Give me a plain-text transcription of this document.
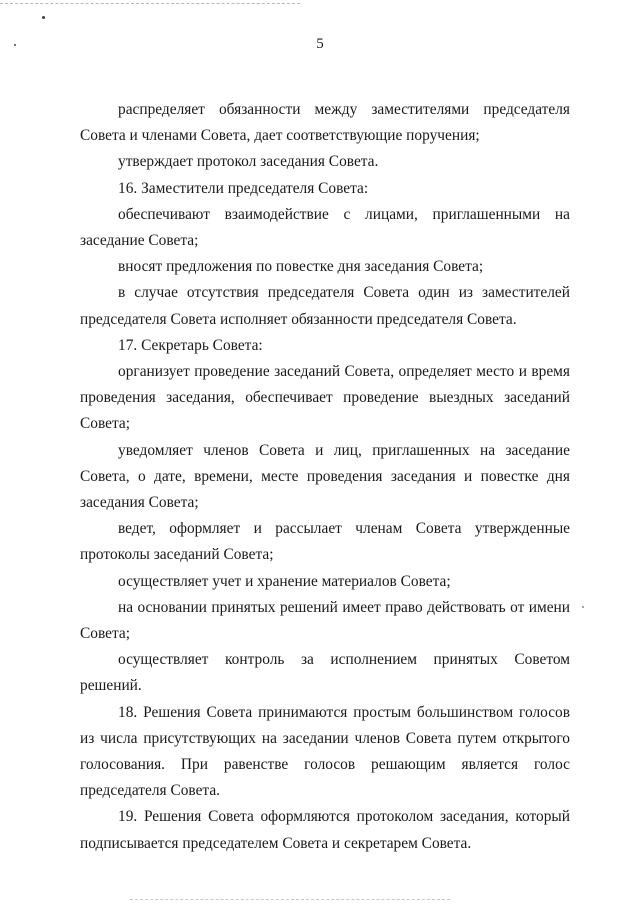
5

распределяет обязанности между заместителями председателя Совета и членами Совета, дает соответствующие поручения;

утверждает протокол заседания Совета.

16. Заместители председателя Совета:

обеспечивают взаимодействие с лицами, приглашенными на заседание Совета;

вносят предложения по повестке дня заседания Совета;

в случае отсутствия председателя Совета один из заместителей председателя Совета исполняет обязанности председателя Совета.

17. Секретарь Совета:

организует проведение заседаний Совета, определяет место и время проведения заседания, обеспечивает проведение выездных заседаний Совета;

уведомляет членов Совета и лиц, приглашенных на заседание Совета, о дате, времени, месте проведения заседания и повестке дня заседания Совета;

ведет, оформляет и рассылает членам Совета утвержденные протоколы заседаний Совета;

осуществляет учет и хранение материалов Совета;

на основании принятых решений имеет право действовать от имени Совета;

осуществляет контроль за исполнением принятых Советом решений.

18. Решения Совета принимаются простым большинством голосов из числа присутствующих на заседании членов Совета путем открытого голосования. При равенстве голосов решающим является голос председателя Совета.

19. Решения Совета оформляются протоколом заседания, который подписывается председателем Совета и секретарем Совета.
